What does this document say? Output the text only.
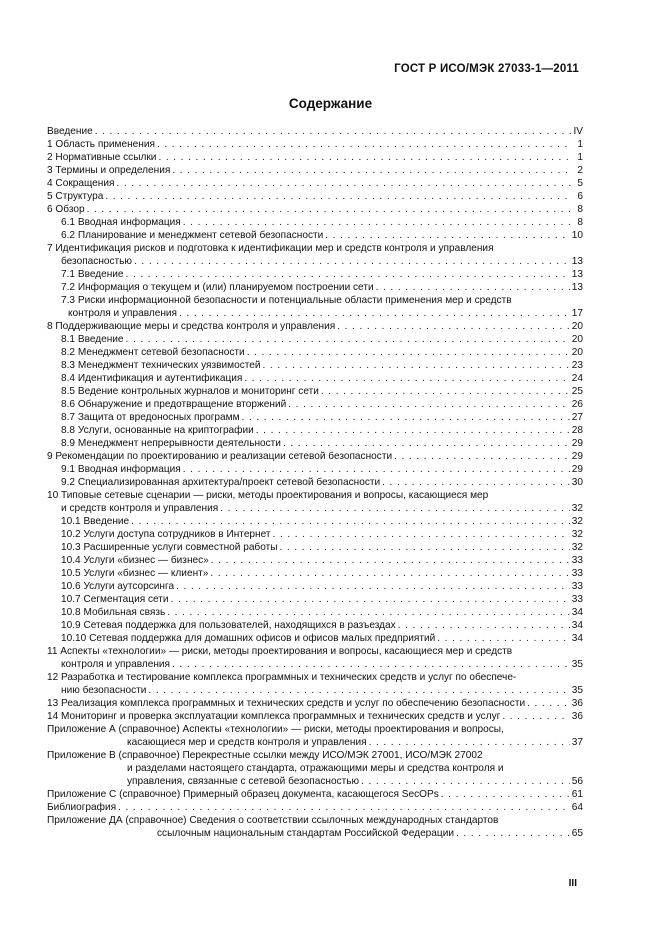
ГОСТ Р ИСО/МЭК 27033-1—2011
Содержание
Введение . . .	IV
1 Область применения . . .	1
2 Нормативные ссылки . . .	1
3 Термины и определения . . .	2
4 Сокращения . . .	5
5 Структура . . .	6
6 Обзор . . .	8
6.1 Вводная информация . . .	8
6.2 Планирование и менеджмент сетевой безопасности . . .	10
7 Идентификация рисков и подготовка к идентификации мер и средств контроля и управления
безопасностью . . .	13
7.1 Введение . . .	13
7.2 Информация о текущем и (или) планируемом построении сети . . .	13
7.3 Риски информационной безопасности и потенциальные области применения мер и средств
контроля и управления . . .	17
8 Поддерживающие меры и средства контроля и управления . . .	20
8.1 Введение . . .	20
8.2 Менеджмент сетевой безопасности . . .	20
8.3 Менеджмент технических уязвимостей . . .	23
8.4 Идентификация и аутентификация . . .	24
8.5 Ведение контрольных журналов и мониторинг сети . . .	25
8.6 Обнаружение и предотвращение вторжений . . .	26
8.7 Защита от вредоносных программ . . .	27
8.8 Услуги, основанные на криптографии . . .	28
8.9 Менеджмент непрерывности деятельности . . .	29
9 Рекомендации по проектированию и реализации сетевой безопасности . . .	29
9.1 Вводная информация . . .	29
9.2 Специализированная архитектура/проект сетевой безопасности . . .	30
10 Типовые сетевые сценарии — риски, методы проектирования и вопросы, касающиеся мер
и средств контроля и управления . . .	32
10.1 Введение . . .	32
10.2 Услуги доступа сотрудников в Интернет . . .	32
10.3 Расширенные услуги совместной работы . . .	32
10.4 Услуги «бизнес — бизнес» . . .	33
10.5 Услуги «бизнес — клиент» . . .	33
10.6 Услуги аутсорсинга . . .	33
10.7 Сегментация сети . . .	33
10.8 Мобильная связь . . .	34
10.9 Сетевая поддержка для пользователей, находящихся в разъездах . . .	34
10.10 Сетевая поддержка для домашних офисов и офисов малых предприятий . . .	34
11 Аспекты «технологии» — риски, методы проектирования и вопросы, касающиеся мер и средств
контроля и управления . . .	35
12 Разработка и тестирование комплекса программных и технических средств и услуг по обеспече-
нию безопасности . . .	35
13 Реализация комплекса программных и технических средств и услуг по обеспечению безопасности . . .	36
14 Мониторинг и проверка эксплуатации комплекса программных и технических средств и услуг . . .	36
Приложение А (справочное) Аспекты «технологии» — риски, методы проектирования и вопросы,
касающиеся мер и средств контроля и управления . . .	37
Приложение В (справочное) Перекрестные ссылки между ИСО/МЭК 27001, ИСО/МЭК 27002
и разделами настоящего стандарта, отражающими меры и средства контроля и
управления, связанные с сетевой безопасностью . . .	56
Приложение С (справочное) Примерный образец документа, касающегося SecOPs . . .	61
Библиография . . .	64
Приложение ДА (справочное) Сведения о соответствии ссылочных международных стандартов
ссылочным национальным стандартам Российской Федерации . . .	65
III
